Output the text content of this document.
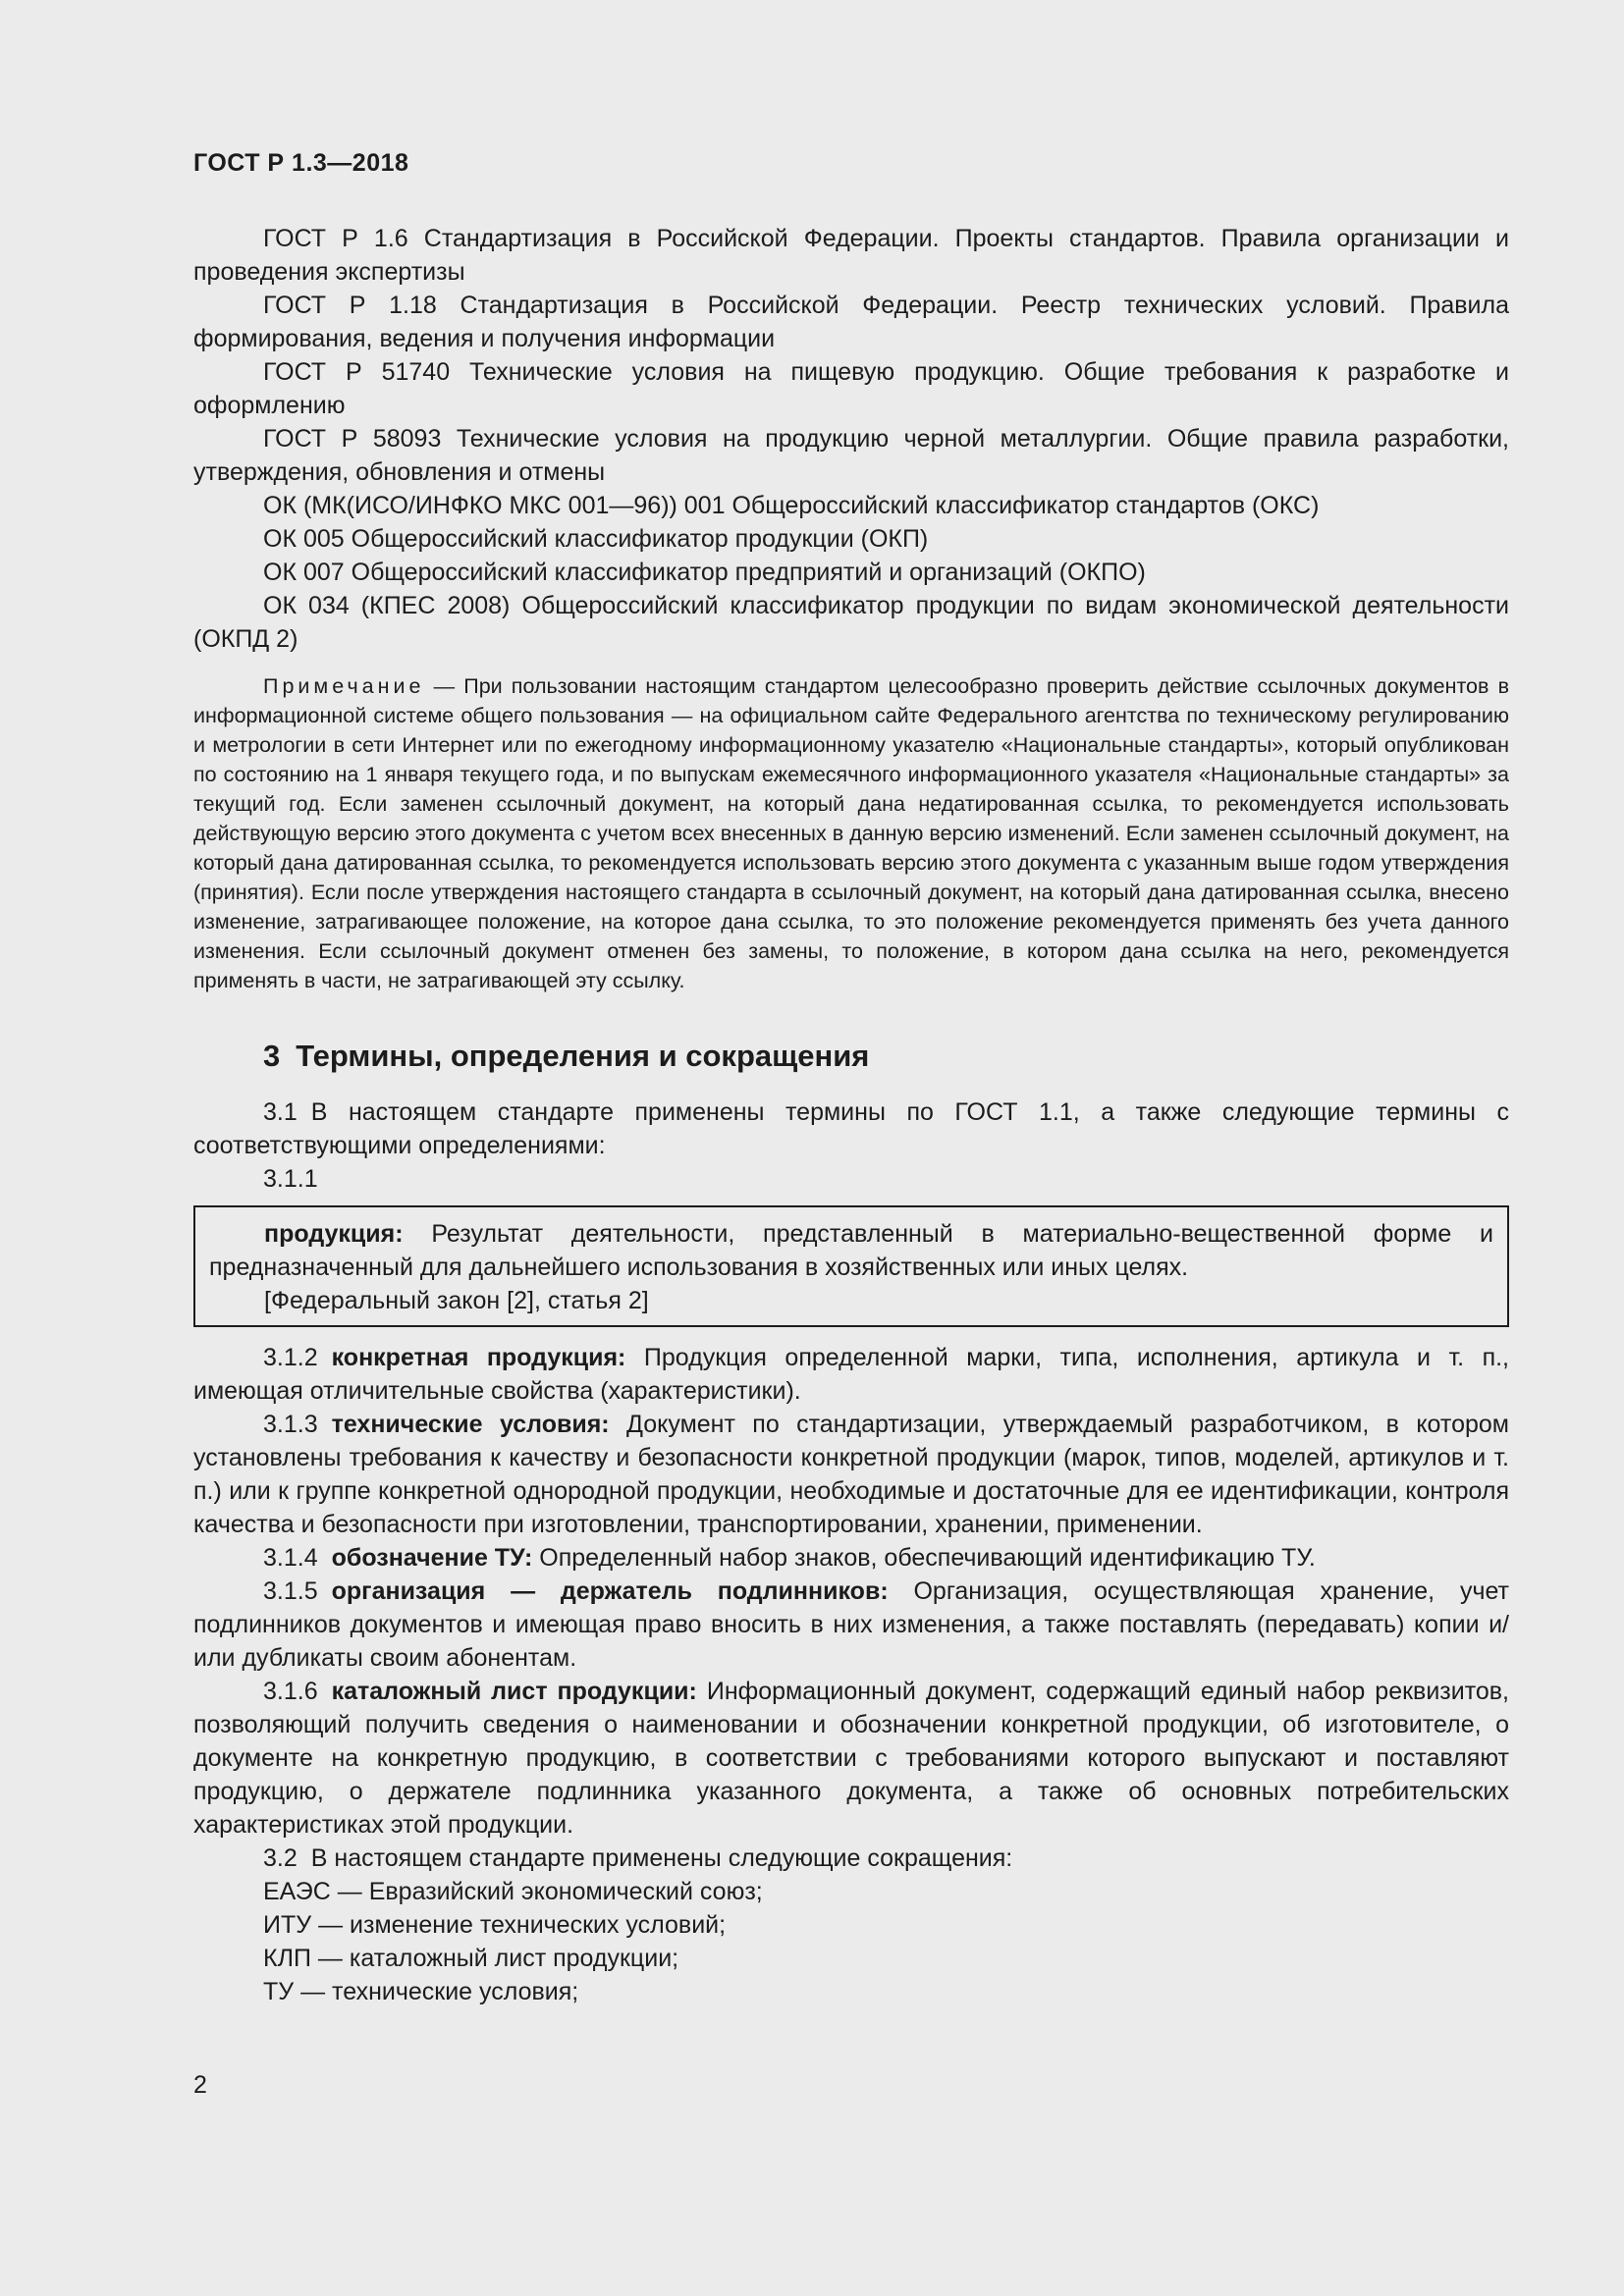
ГОСТ Р 1.3—2018

ГОСТ Р 1.6 Стандартизация в Российской Федерации. Проекты стандартов. Правила организации и проведения экспертизы

ГОСТ Р 1.18 Стандартизация в Российской Федерации. Реестр технических условий. Правила формирования, ведения и получения информации

ГОСТ Р 51740 Технические условия на пищевую продукцию. Общие требования к разработке и оформлению

ГОСТ Р 58093 Технические условия на продукцию черной металлургии. Общие правила разработки, утверждения, обновления и отмены

ОК (МК(ИСО/ИНФКО МКС 001—96)) 001 Общероссийский классификатор стандартов (ОКС)

ОК 005 Общероссийский классификатор продукции (ОКП)

ОК 007 Общероссийский классификатор предприятий и организаций (ОКПО)

ОК 034 (КПЕС 2008) Общероссийский классификатор продукции по видам экономической деятельности (ОКПД 2)

Примечание — При пользовании настоящим стандартом целесообразно проверить действие ссылочных документов в информационной системе общего пользования — на официальном сайте Федерального агентства по техническому регулированию и метрологии в сети Интернет или по ежегодному информационному указателю «Национальные стандарты», который опубликован по состоянию на 1 января текущего года, и по выпускам ежемесячного информационного указателя «Национальные стандарты» за текущий год. Если заменен ссылочный документ, на который дана недатированная ссылка, то рекомендуется использовать действующую версию этого документа с учетом всех внесенных в данную версию изменений. Если заменен ссылочный документ, на который дана датированная ссылка, то рекомендуется использовать версию этого документа с указанным выше годом утверждения (принятия). Если после утверждения настоящего стандарта в ссылочный документ, на который дана датированная ссылка, внесено изменение, затрагивающее положение, на которое дана ссылка, то это положение рекомендуется применять без учета данного изменения. Если ссылочный документ отменен без замены, то положение, в котором дана ссылка на него, рекомендуется применять в части, не затрагивающей эту ссылку.

3 Термины, определения и сокращения

3.1 В настоящем стандарте применены термины по ГОСТ 1.1, а также следующие термины с соответствующими определениями:

3.1.1

продукция: Результат деятельности, представленный в материально-вещественной форме и предназначенный для дальнейшего использования в хозяйственных или иных целях.

[Федеральный закон [2], статья 2]

3.1.2 конкретная продукция: Продукция определенной марки, типа, исполнения, артикула и т. п., имеющая отличительные свойства (характеристики).

3.1.3 технические условия: Документ по стандартизации, утверждаемый разработчиком, в котором установлены требования к качеству и безопасности конкретной продукции (марок, типов, моделей, артикулов и т. п.) или к группе конкретной однородной продукции, необходимые и достаточные для ее идентификации, контроля качества и безопасности при изготовлении, транспортировании, хранении, применении.

3.1.4 обозначение ТУ: Определенный набор знаков, обеспечивающий идентификацию ТУ.

3.1.5 организация — держатель подлинников: Организация, осуществляющая хранение, учет подлинников документов и имеющая право вносить в них изменения, а также поставлять (передавать) копии и/или дубликаты своим абонентам.

3.1.6 каталожный лист продукции: Информационный документ, содержащий единый набор реквизитов, позволяющий получить сведения о наименовании и обозначении конкретной продукции, об изготовителе, о документе на конкретную продукцию, в соответствии с требованиями которого выпускают и поставляют продукцию, о держателе подлинника указанного документа, а также об основных потребительских характеристиках этой продукции.

3.2 В настоящем стандарте применены следующие сокращения:

ЕАЭС — Евразийский экономический союз;

ИТУ — изменение технических условий;

КЛП — каталожный лист продукции;

ТУ — технические условия;

2
